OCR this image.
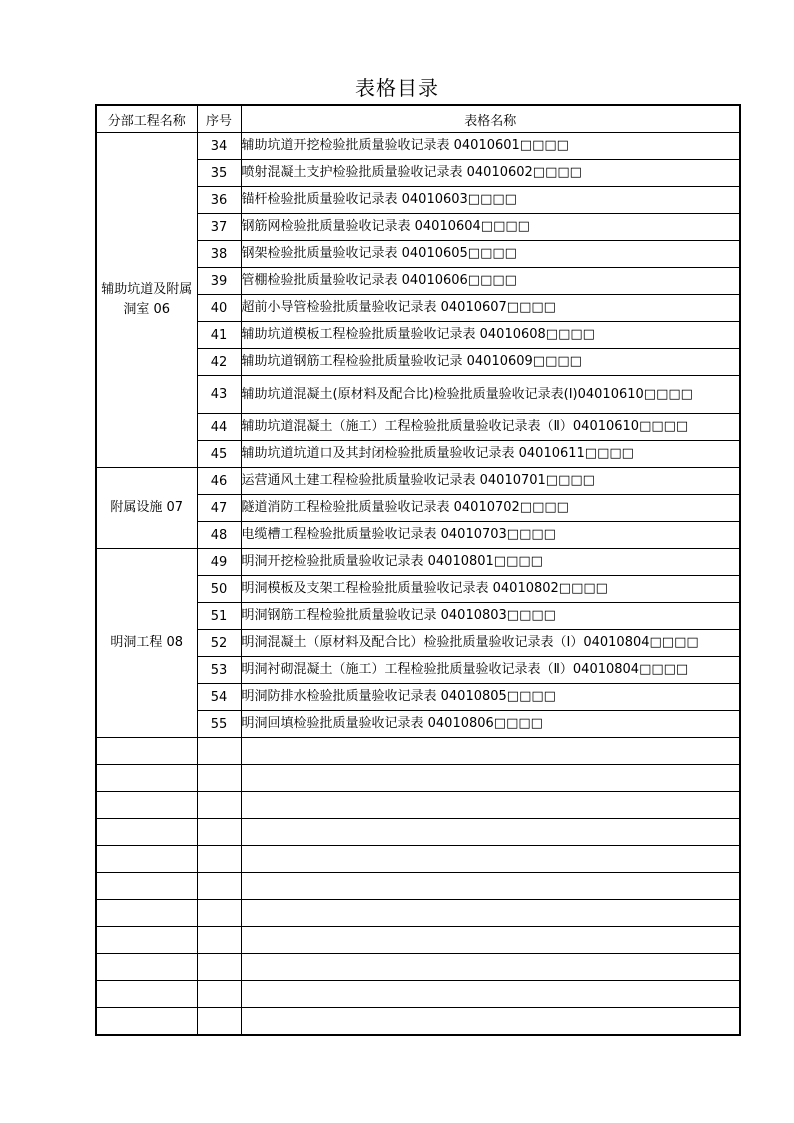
表格目录
分部工程名称	序号	表格名称
辅助坑道及附属洞室 06	34	辅助坑道开挖检验批质量验收记录表 04010601□□□□
	35	喷射混凝土支护检验批质量验收记录表 04010602□□□□
	36	锚杆检验批质量验收记录表 04010603□□□□
	37	钢筋网检验批质量验收记录表 04010604□□□□
	38	钢架检验批质量验收记录表 04010605□□□□
	39	管棚检验批质量验收记录表 04010606□□□□
	40	超前小导管检验批质量验收记录表 04010607□□□□
	41	辅助坑道模板工程检验批质量验收记录表 04010608□□□□
	42	辅助坑道钢筋工程检验批质量验收记录 04010609□□□□
	43	辅助坑道混凝土(原材料及配合比)检验批质量验收记录表(Ⅰ)04010610□□□□
	44	辅助坑道混凝土（施工）工程检验批质量验收记录表（Ⅱ）04010610□□□□
	45	辅助坑道坑道口及其封闭检验批质量验收记录表 04010611□□□□
附属设施 07	46	运营通风土建工程检验批质量验收记录表 04010701□□□□
	47	隧道消防工程检验批质量验收记录表 04010702□□□□
	48	电缆槽工程检验批质量验收记录表 04010703□□□□
明洞工程 08	49	明洞开挖检验批质量验收记录表 04010801□□□□
	50	明洞模板及支架工程检验批质量验收记录表 04010802□□□□
	51	明洞钢筋工程检验批质量验收记录 04010803□□□□
	52	明洞混凝土（原材料及配合比）检验批质量验收记录表（Ⅰ）04010804□□□□
	53	明洞衬砌混凝土（施工）工程检验批质量验收记录表（Ⅱ）04010804□□□□
	54	明洞防排水检验批质量验收记录表 04010805□□□□
	55	明洞回填检验批质量验收记录表 04010806□□□□
